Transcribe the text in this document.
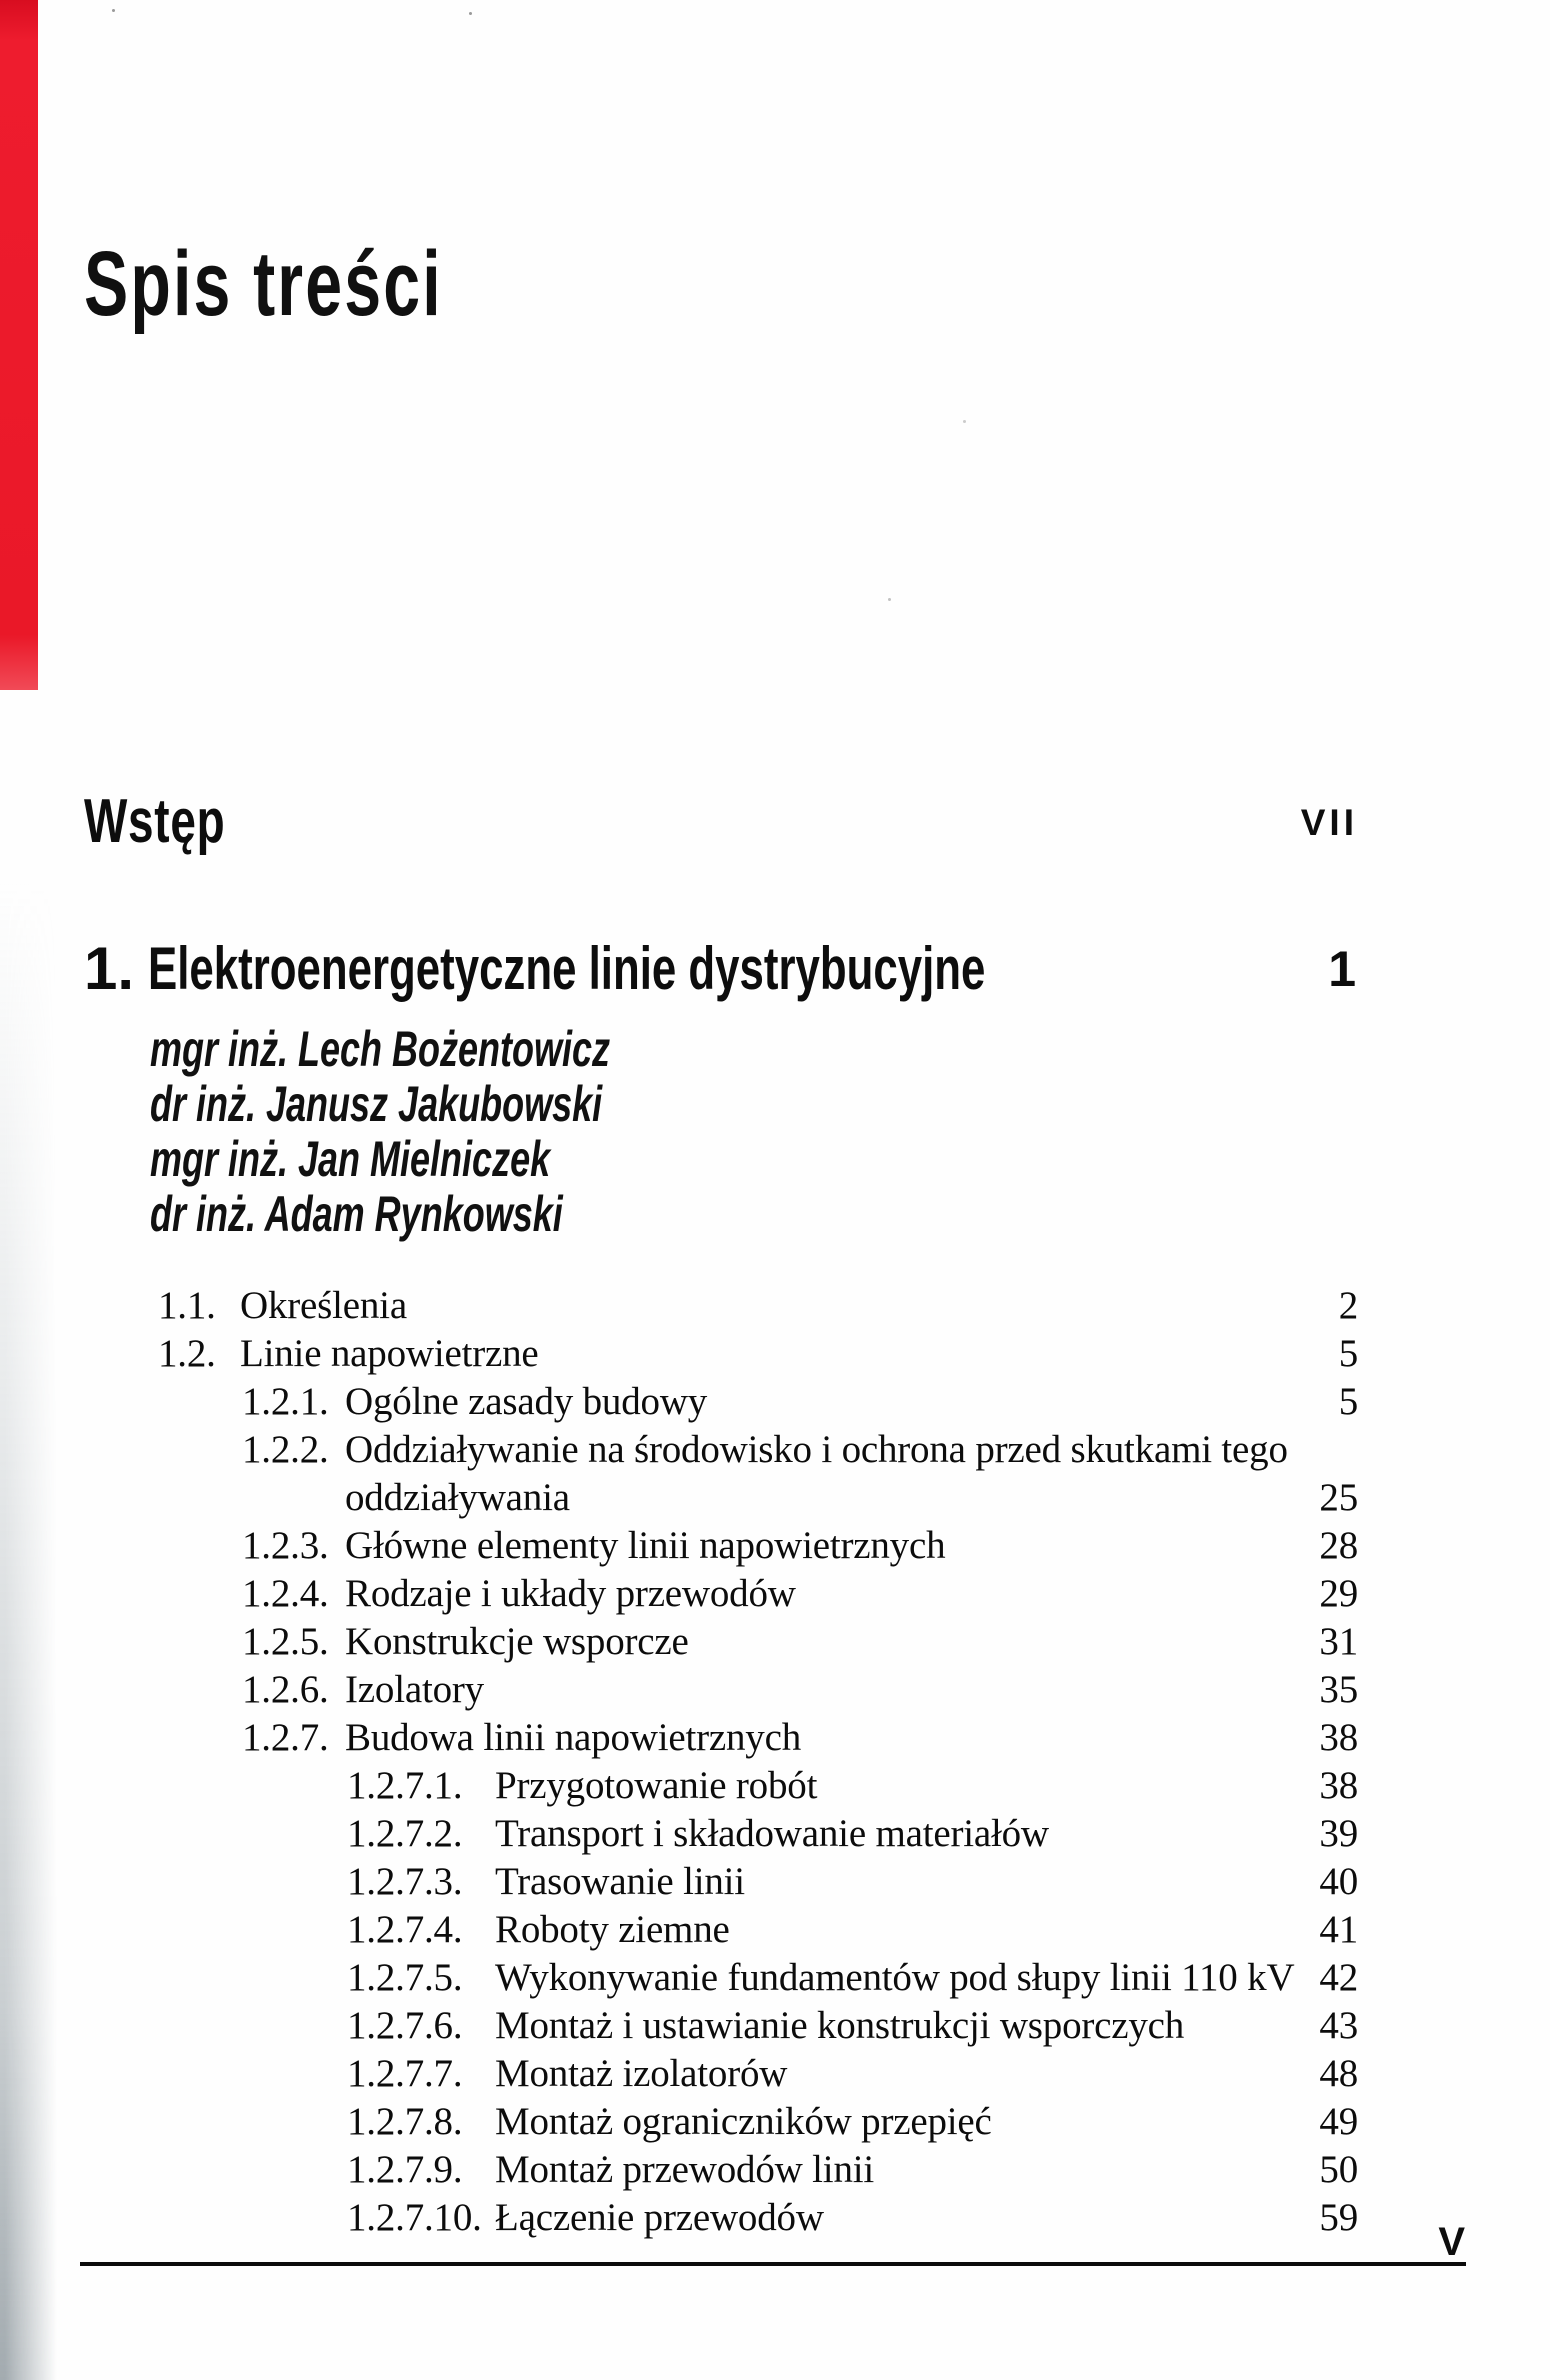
Spis treści
Wstęp	VII
1. Elektroenergetyczne linie dystrybucyjne	1
mgr inż. Lech Bożentowicz
dr inż. Janusz Jakubowski
mgr inż. Jan Mielniczek
dr inż. Adam Rynkowski
1.1. Określenia	2
1.2. Linie napowietrzne	5
1.2.1. Ogólne zasady budowy	5
1.2.2. Oddziaływanie na środowisko i ochrona przed skutkami tego
oddziaływania	25
1.2.3. Główne elementy linii napowietrznych	28
1.2.4. Rodzaje i układy przewodów	29
1.2.5. Konstrukcje wsporcze	31
1.2.6. Izolatory	35
1.2.7. Budowa linii napowietrznych	38
1.2.7.1. Przygotowanie robót	38
1.2.7.2. Transport i składowanie materiałów	39
1.2.7.3. Trasowanie linii	40
1.2.7.4. Roboty ziemne	41
1.2.7.5. Wykonywanie fundamentów pod słupy linii 110 kV 42
1.2.7.6. Montaż i ustawianie konstrukcji wsporczych	43
1.2.7.7. Montaż izolatorów	48
1.2.7.8. Montaż ograniczników przepięć	49
1.2.7.9. Montaż przewodów linii	50
1.2.7.10. Łączenie przewodów	59
V
